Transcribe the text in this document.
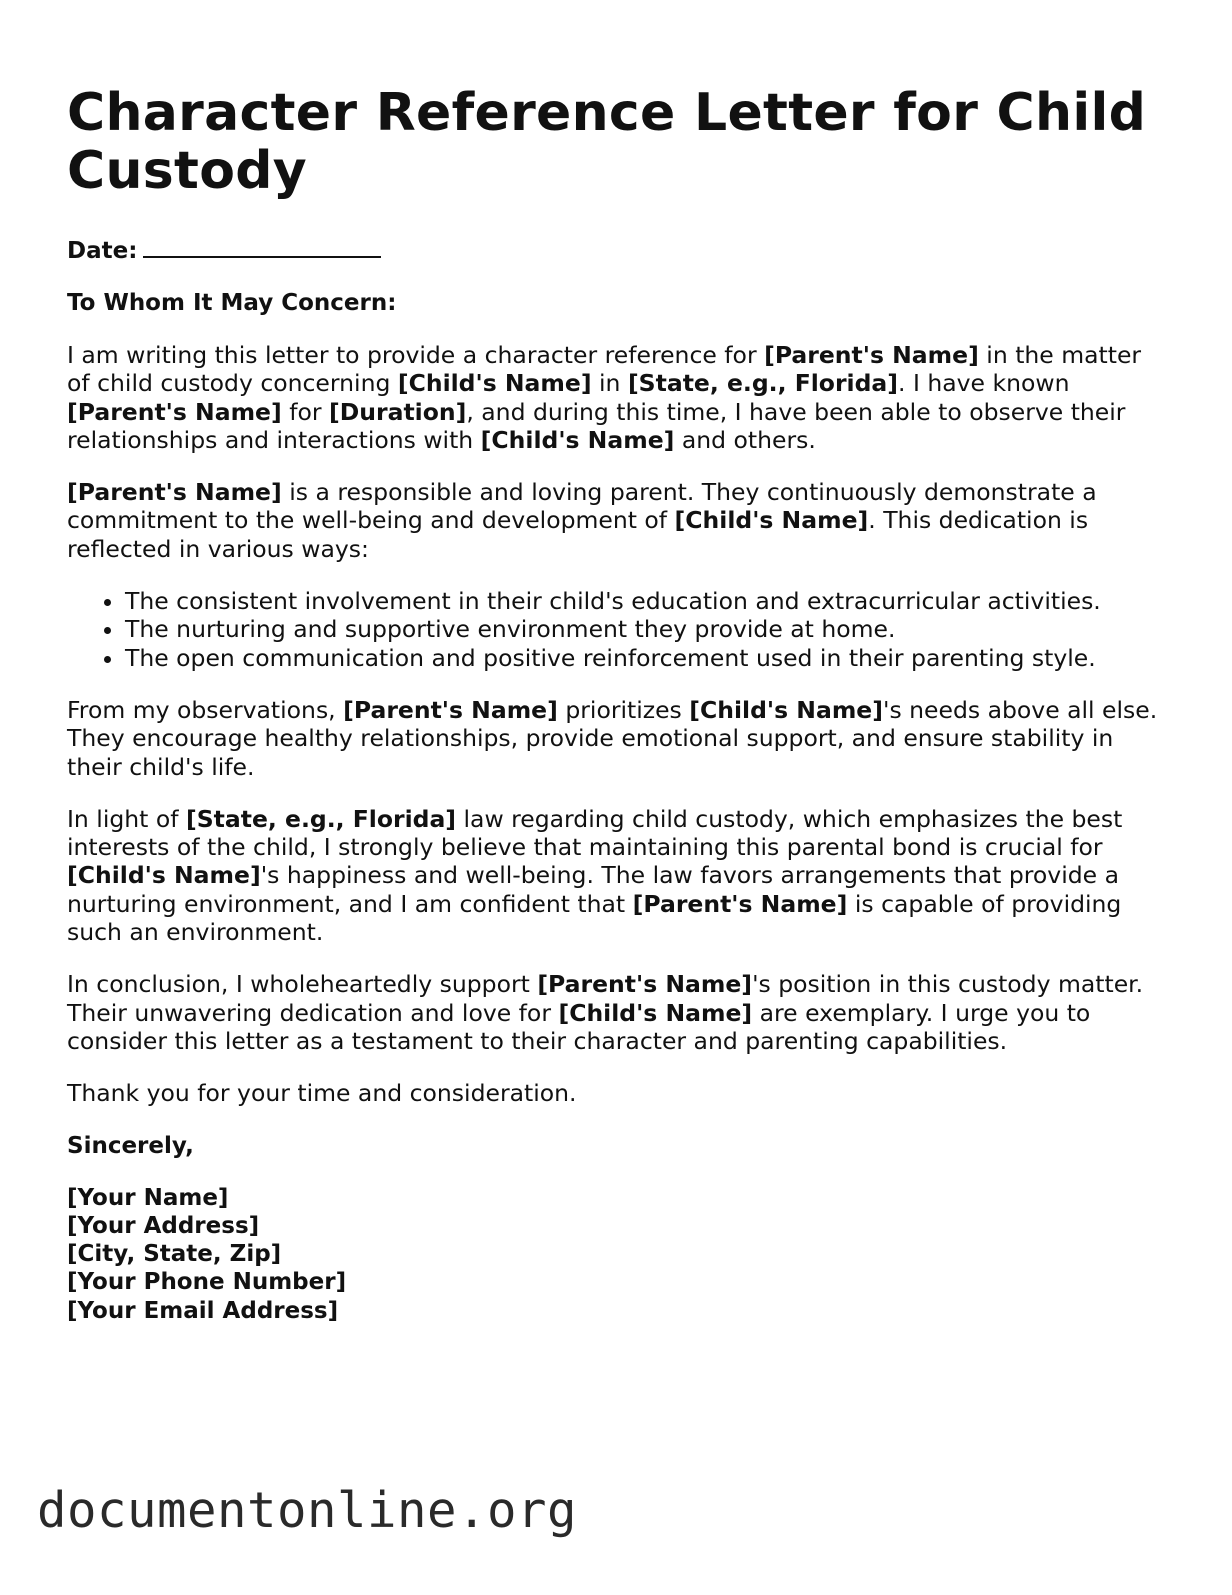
Character Reference Letter for Child Custody
Date:
To Whom It May Concern:

I am writing this letter to provide a character reference for [Parent's Name] in the matter of child custody concerning [Child's Name] in [State, e.g., Florida]. I have known [Parent's Name] for [Duration], and during this time, I have been able to observe their relationships and interactions with [Child's Name] and others.

[Parent's Name] is a responsible and loving parent. They continuously demonstrate a commitment to the well-being and development of [Child's Name]. This dedication is reflected in various ways:

• The consistent involvement in their child's education and extracurricular activities.
• The nurturing and supportive environment they provide at home.
• The open communication and positive reinforcement used in their parenting style.

From my observations, [Parent's Name] prioritizes [Child's Name]'s needs above all else. They encourage healthy relationships, provide emotional support, and ensure stability in their child's life.

In light of [State, e.g., Florida] law regarding child custody, which emphasizes the best interests of the child, I strongly believe that maintaining this parental bond is crucial for [Child's Name]'s happiness and well-being. The law favors arrangements that provide a nurturing environment, and I am confident that [Parent's Name] is capable of providing such an environment.

In conclusion, I wholeheartedly support [Parent's Name]'s position in this custody matter. Their unwavering dedication and love for [Child's Name] are exemplary. I urge you to consider this letter as a testament to their character and parenting capabilities.

Thank you for your time and consideration.

Sincerely,
[Your Name]
[Your Address]
[City, State, Zip]
[Your Phone Number]
[Your Email Address]
documentonline.org
